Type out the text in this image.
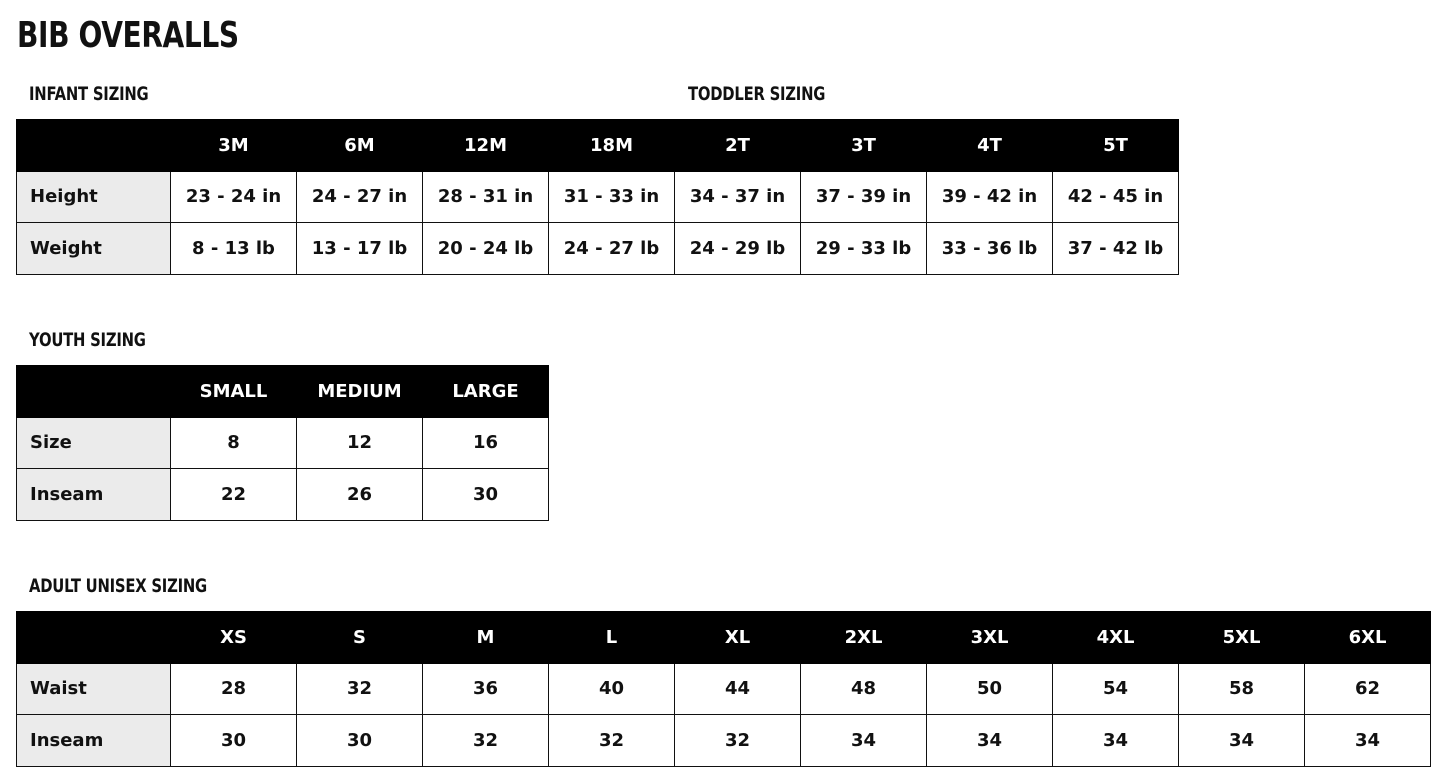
BIB OVERALLS
INFANT SIZING	TODDLER SIZING
	3M	6M	12M	18M	2T	3T	4T	5T
Height	23 - 24 in	24 - 27 in	28 - 31 in	31 - 33 in	34 - 37 in	37 - 39 in	39 - 42 in	42 - 45 in
Weight	8 - 13 lb	13 - 17 lb	20 - 24 lb	24 - 27 lb	24 - 29 lb	29 - 33 lb	33 - 36 lb	37 - 42 lb
YOUTH SIZING
	SMALL	MEDIUM	LARGE
Size	8	12	16
Inseam	22	26	30
ADULT UNISEX SIZING
	XS	S	M	L	XL	2XL	3XL	4XL	5XL	6XL
Waist	28	32	36	40	44	48	50	54	58	62
Inseam	30	30	32	32	32	34	34	34	34	34
